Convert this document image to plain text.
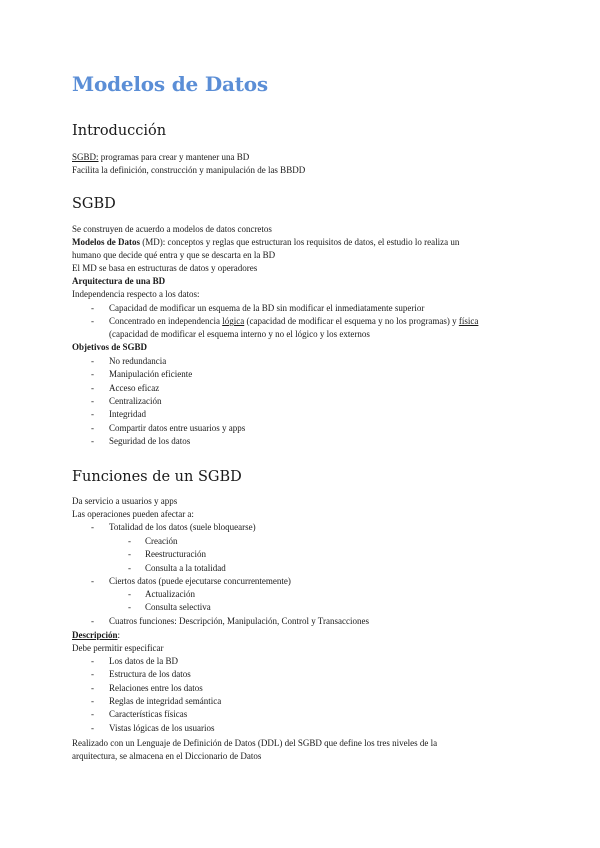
Modelos de Datos
Introducción
SGBD: programas para crear y mantener una BD
Facilita la definición, construcción y manipulación de las BBDD
SGBD
Se construyen de acuerdo a modelos de datos concretos
Modelos de Datos (MD): conceptos y reglas que estructuran los requisitos de datos, el estudio lo realiza un
humano que decide qué entra y que se descarta en la BD
El MD se basa en estructuras de datos y operadores
Arquitectura de una BD
Independencia respecto a los datos:
- Capacidad de modificar un esquema de la BD sin modificar el inmediatamente superior
- Concentrado en independencia lógica (capacidad de modificar el esquema y no los programas) y física
(capacidad de modificar el esquema interno y no el lógico y los externos
Objetivos de SGBD
- No redundancia
- Manipulación eficiente
- Acceso eficaz
- Centralización
- Integridad
- Compartir datos entre usuarios y apps
- Seguridad de los datos
Funciones de un SGBD
Da servicio a usuarios y apps
Las operaciones pueden afectar a:
- Totalidad de los datos (suele bloquearse)
- Creación
- Reestructuración
- Consulta a la totalidad
- Ciertos datos (puede ejecutarse concurrentemente)
- Actualización
- Consulta selectiva
- Cuatros funciones: Descripción, Manipulación, Control y Transacciones
Descripción:
Debe permitir especificar
- Los datos de la BD
- Estructura de los datos
- Relaciones entre los datos
- Reglas de integridad semántica
- Características físicas
- Vistas lógicas de los usuarios
Realizado con un Lenguaje de Definición de Datos (DDL) del SGBD que define los tres niveles de la
arquitectura, se almacena en el Diccionario de Datos
